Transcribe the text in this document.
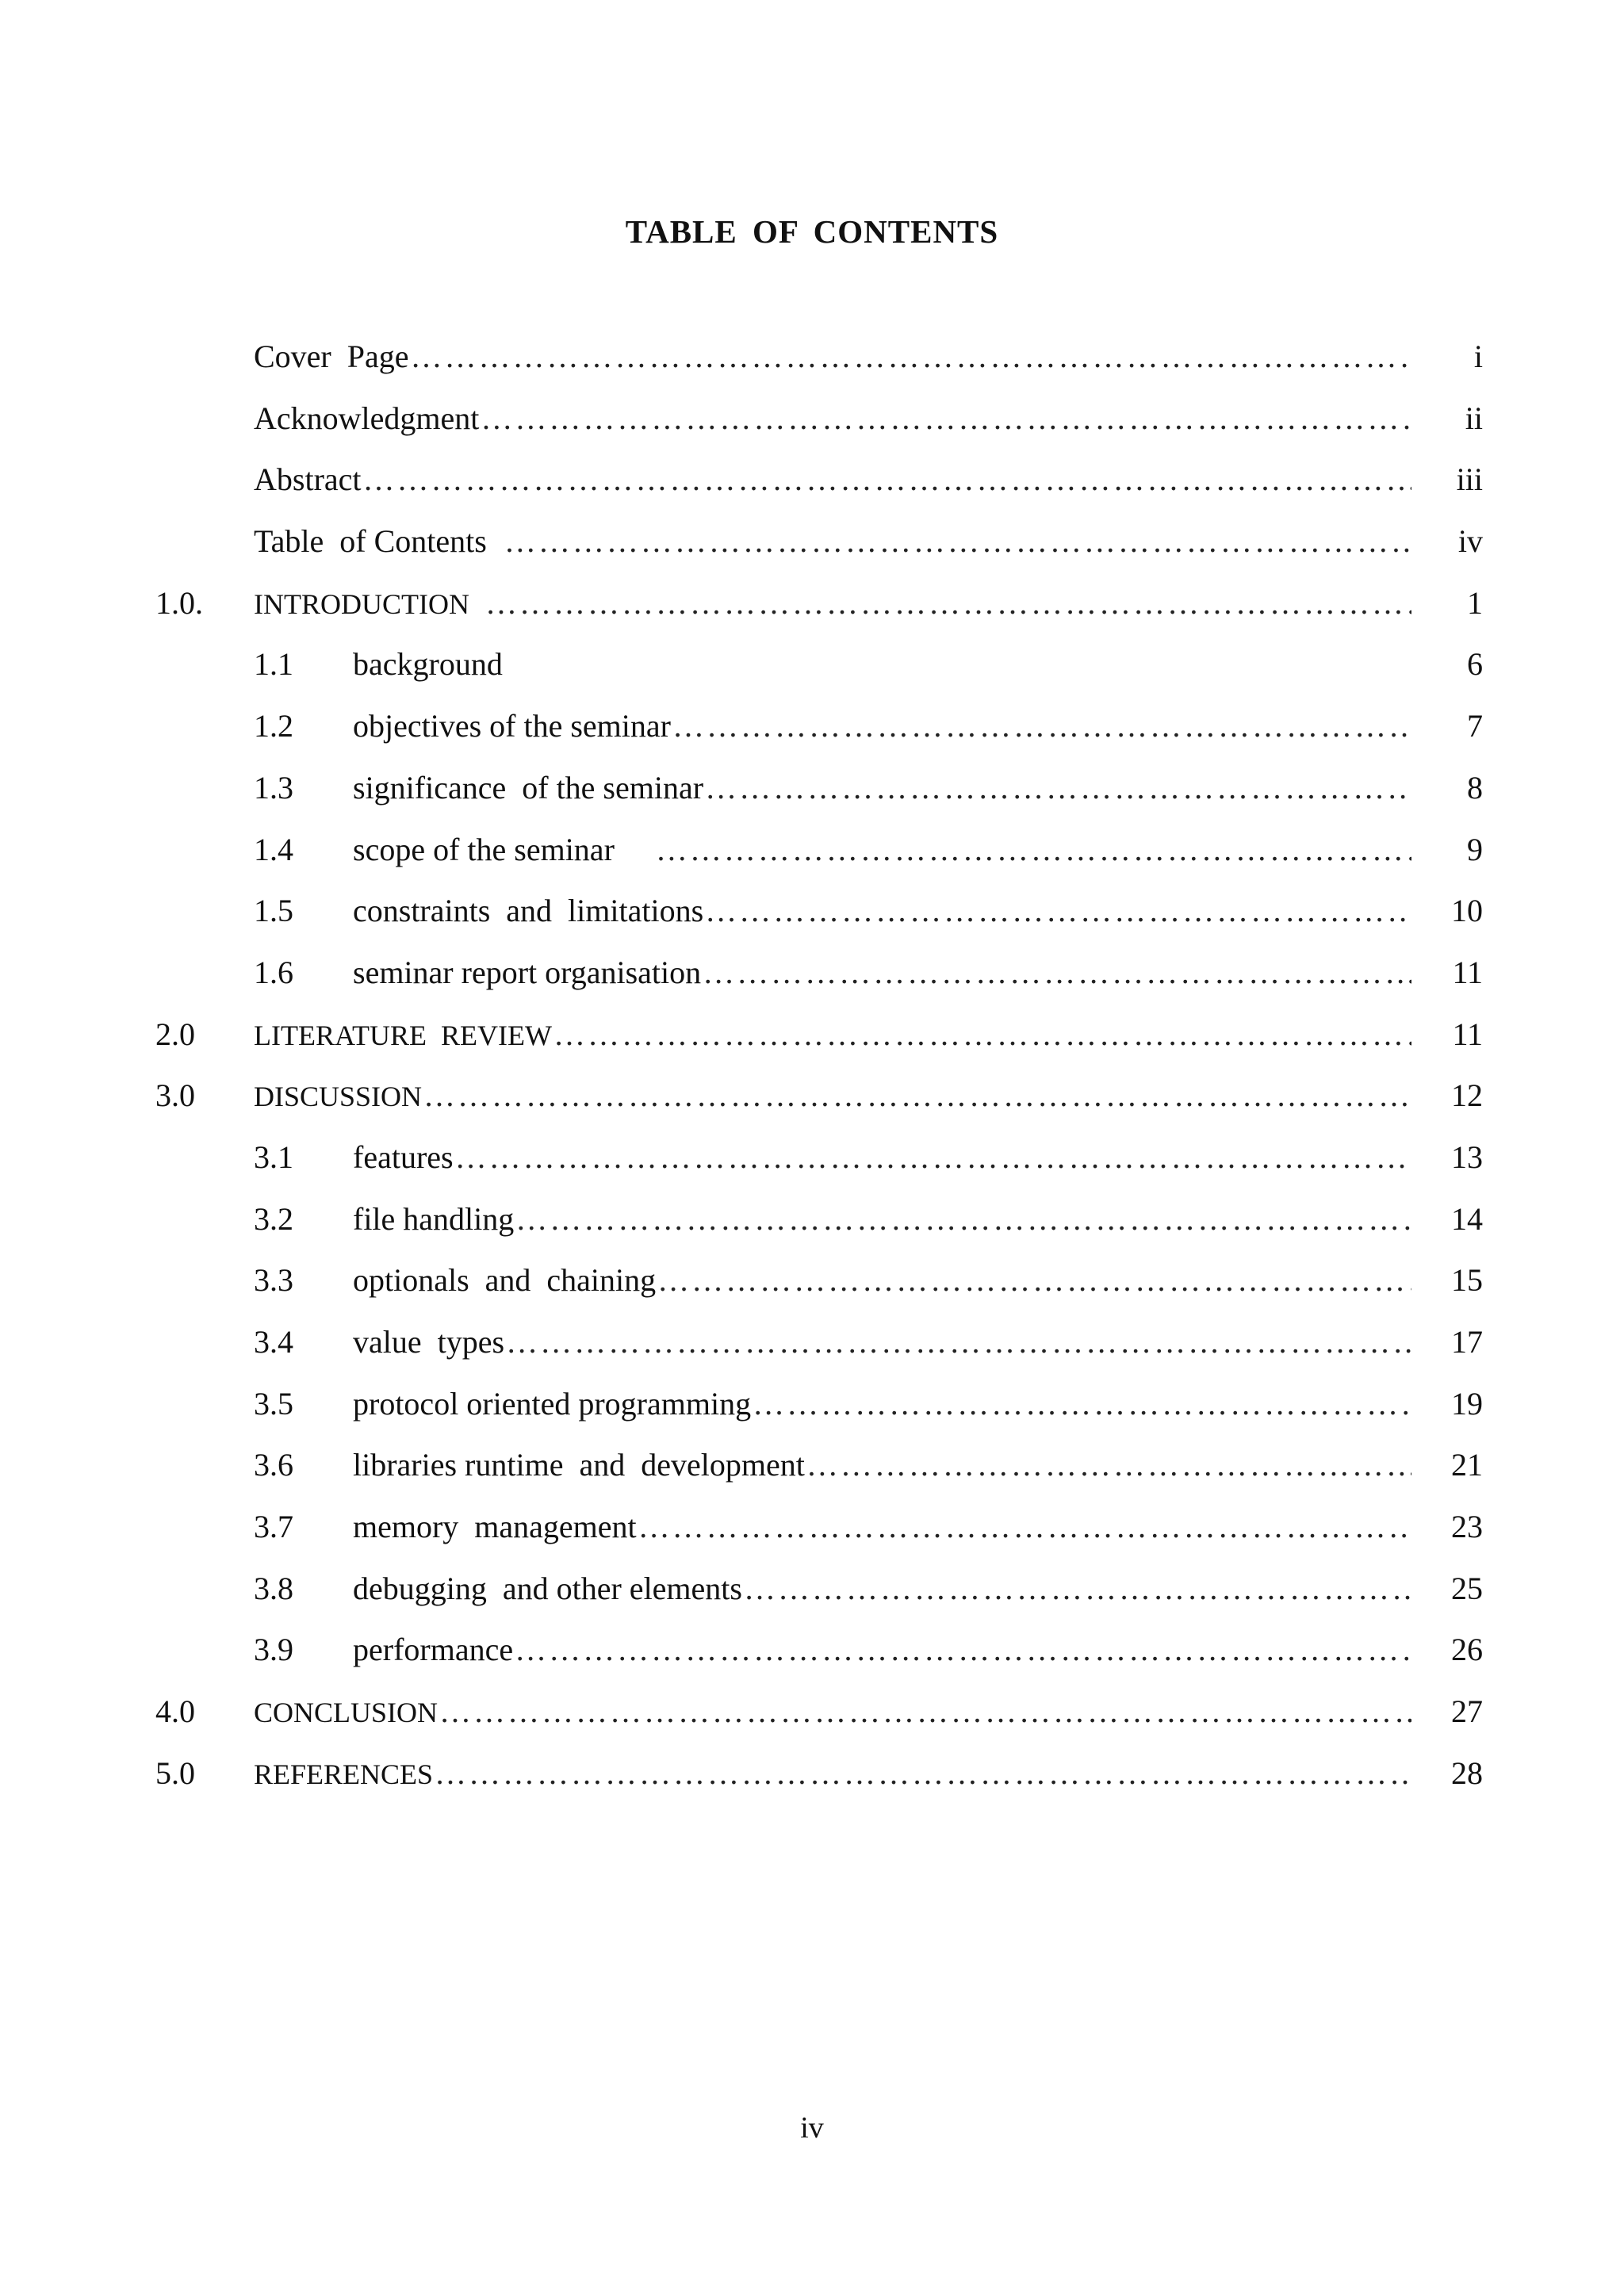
TABLE OF CONTENTS
Cover  Page ……………………………………………………………………………………………………………………………………………………………………………………………………………………	i
Acknowledgment ……………………………………………………………………………………………………………………………………………………………………………………………………………………	ii
Abstract ……………………………………………………………………………………………………………………………………………………………………………………………………………………	iii
Table  of Contents ……………………………………………………………………………………………………………………………………………………………………………………………………………………	iv
1.0. INTRODUCTION ……………………………………………………………………………………………………………………………………………………………………………………………………………………	1
1.1 background	6
1.2 objectives of the seminar ……………………………………………………………………………………………………………………………………………………………………………………………………………………	7
1.3 significance  of the seminar ……………………………………………………………………………………………………………………………………………………………………………………………………………………	8
1.4 scope of the seminar ……………………………………………………………………………………………………………………………………………………………………………………………………………………	9
1.5 constraints  and  limitations ……………………………………………………………………………………………………………………………………………………………………………………………………………………	10
1.6 seminar report organisation ……………………………………………………………………………………………………………………………………………………………………………………………………………………	11
2.0 LITERATURE  REVIEW ……………………………………………………………………………………………………………………………………………………………………………………………………………………	11
3.0 DISCUSSION ……………………………………………………………………………………………………………………………………………………………………………………………………………………	12
3.1 features ……………………………………………………………………………………………………………………………………………………………………………………………………………………	13
3.2 file handling ……………………………………………………………………………………………………………………………………………………………………………………………………………………	14
3.3 optionals  and  chaining ……………………………………………………………………………………………………………………………………………………………………………………………………………………	15
3.4 value  types ……………………………………………………………………………………………………………………………………………………………………………………………………………………	17
3.5 protocol oriented programming ……………………………………………………………………………………………………………………………………………………………………………………………………………………	19
3.6 libraries runtime  and  development ……………………………………………………………………………………………………………………………………………………………………………………………………………………	21
3.7 memory  management ……………………………………………………………………………………………………………………………………………………………………………………………………………………	23
3.8 debugging  and other elements ……………………………………………………………………………………………………………………………………………………………………………………………………………………	25
3.9 performance ……………………………………………………………………………………………………………………………………………………………………………………………………………………	26
4.0 CONCLUSION ……………………………………………………………………………………………………………………………………………………………………………………………………………………	27
5.0 REFERENCES ……………………………………………………………………………………………………………………………………………………………………………………………………………………	28
iv
